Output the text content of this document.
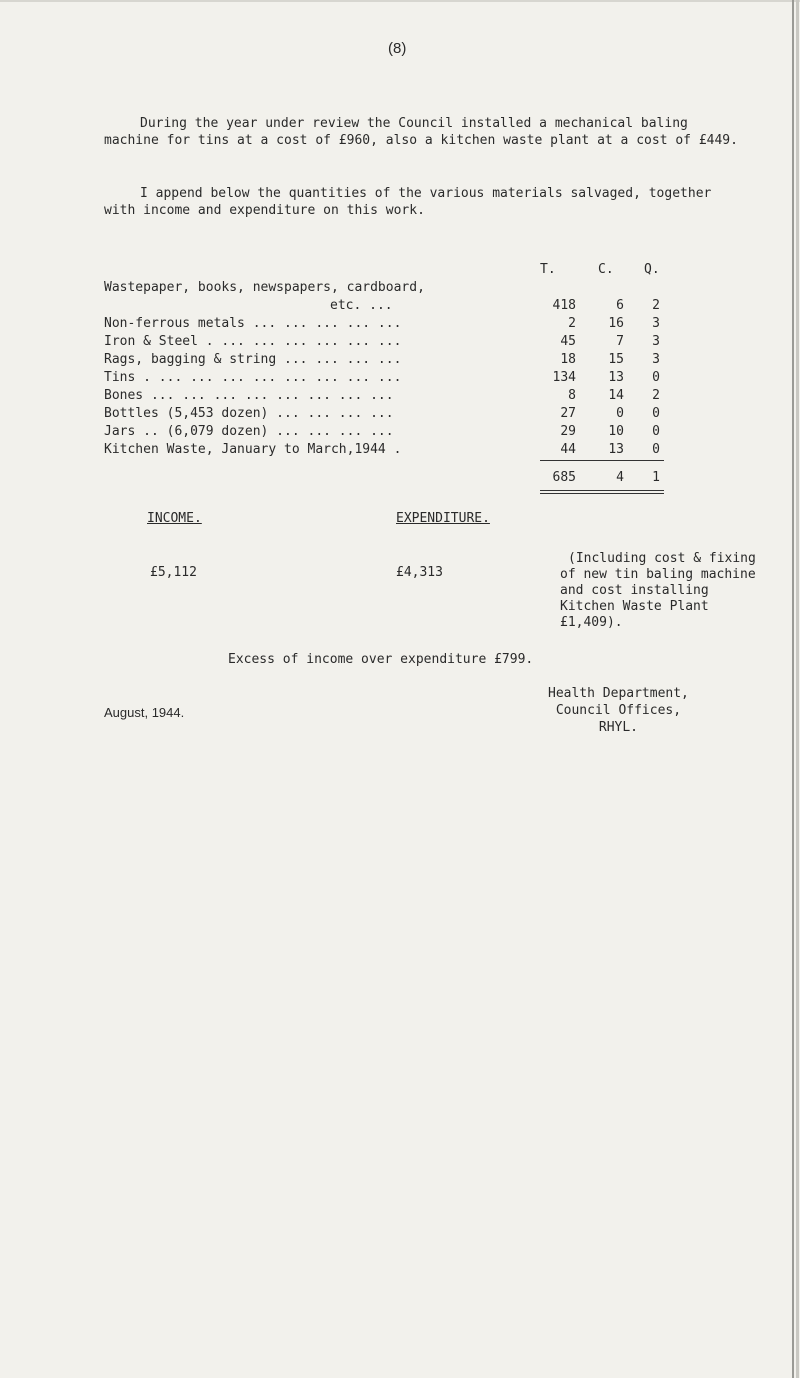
(8)
During the year under review the Council installed a mechanical baling machine for tins at a cost of £960, also a kitchen waste plant at a cost of £449.
I append below the quantities of the various materials salvaged, together with income and expenditure on this work.
T.	C. Q.
Wastepaper, books, newspapers, cardboard,
etc. ...	418	6	2
Non-ferrous metals ... ... ... ... ...	2	16	3
Iron & Steel . ... ... ... ... ... ...	45	7	3
Rags, bagging & string ... ... ... ...	18	15	3
Tins . ... ... ... ... ... ... ... ...	134	13	0
Bones ... ... ... ... ... ... ... ...	8	14	2
Bottles (5,453 dozen) ... ... ... ...	27	0	0
Jars .. (6,079 dozen) ... ... ... ...	29	10	0
Kitchen Waste, January to March,1944 .	44	13	0
685	4	1
INCOME.	EXPENDITURE.
£5,112	£4,313
(Including cost & fixing
of new tin baling machine
and cost installing
Kitchen Waste Plant
£1,409).
Excess of income over expenditure £799.
August, 1944.
Health Department,
Council Offices,
RHYL.
